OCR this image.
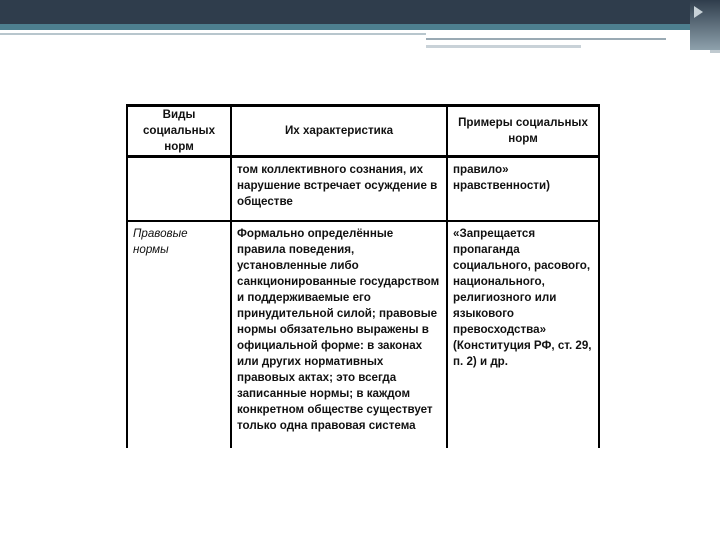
Виды социальных норм	Их характеристика	Примеры социальных норм
	том коллективного сознания, их нарушение встречает осуждение в обществе	правило» нравственности)
Правовые нормы	Формально определённые правила поведения, установленные либо санкционированные государством и поддерживаемые его принудительной силой; правовые нормы обязательно выражены в официальной форме: в законах или других нормативных правовых актах; это всегда записанные нормы; в каждом конкретном обществе существует только одна правовая система	«Запрещается пропаганда социального, расового, национального, религиозного или языкового превосходства» (Конституция РФ, ст. 29, п. 2) и др.
